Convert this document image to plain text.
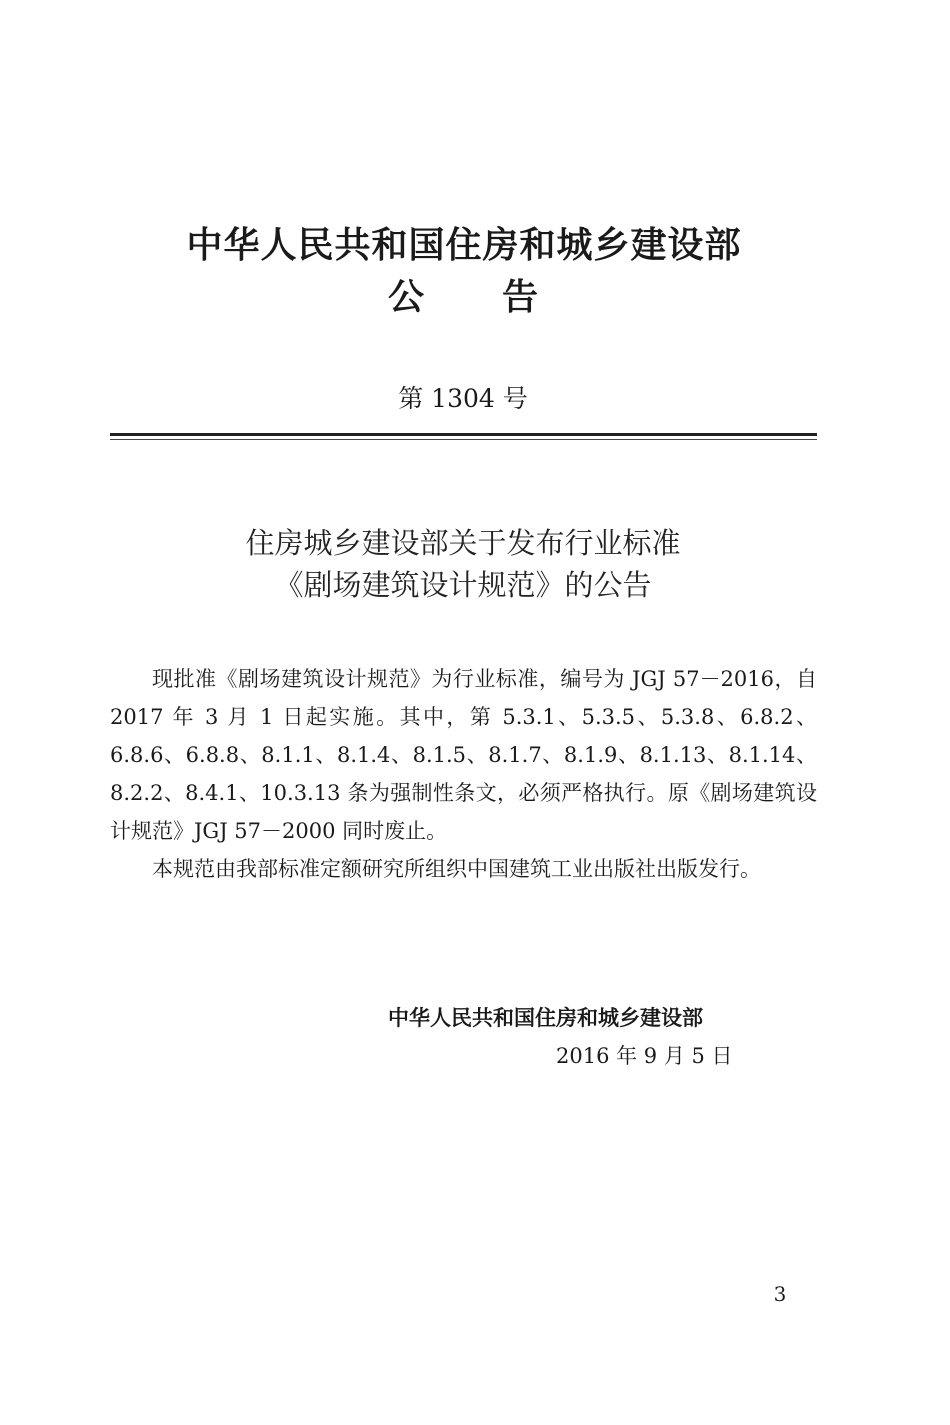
中华人民共和国住房和城乡建设部
公 告
第 1304 号
住房城乡建设部关于发布行业标准
《剧场建筑设计规范》的公告

现批准《剧场建筑设计规范》为行业标准，编号为 JGJ 57－2016，自 2017 年 3 月 1 日起实施。其中，第 5.3.1、5.3.5、5.3.8、6.8.2、6.8.6、6.8.8、8.1.1、8.1.4、8.1.5、8.1.7、8.1.9、8.1.13、8.1.14、8.2.2、8.4.1、10.3.13 条为强制性条文，必须严格执行。原《剧场建筑设计规范》JGJ 57－2000 同时废止。

本规范由我部标准定额研究所组织中国建筑工业出版社出版发行。

中华人民共和国住房和城乡建设部
2016 年 9 月 5 日
3
